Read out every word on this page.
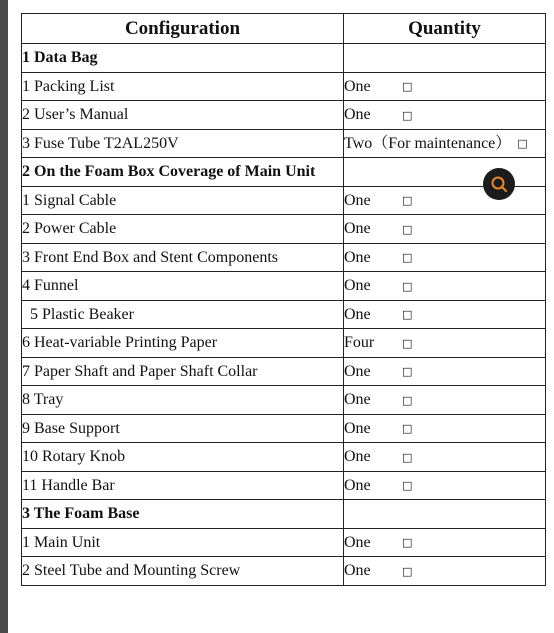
Configuration	Quantity
1 Data Bag	
1 Packing List	One □
2 User’s Manual	One □
3 Fuse Tube T2AL250V	Two（For maintenance） □
2 On the Foam Box Coverage of Main Unit	
1 Signal Cable	One □
2 Power Cable	One □
3 Front End Box and Stent Components	One □
4 Funnel	One □
5 Plastic Beaker	One □
6 Heat-variable Printing Paper	Four □
7 Paper Shaft and Paper Shaft Collar	One □
8 Tray	One □
9 Base Support	One □
10 Rotary Knob	One □
11 Handle Bar	One □
3 The Foam Base	
1 Main Unit	One □
2 Steel Tube and Mounting Screw	One □
